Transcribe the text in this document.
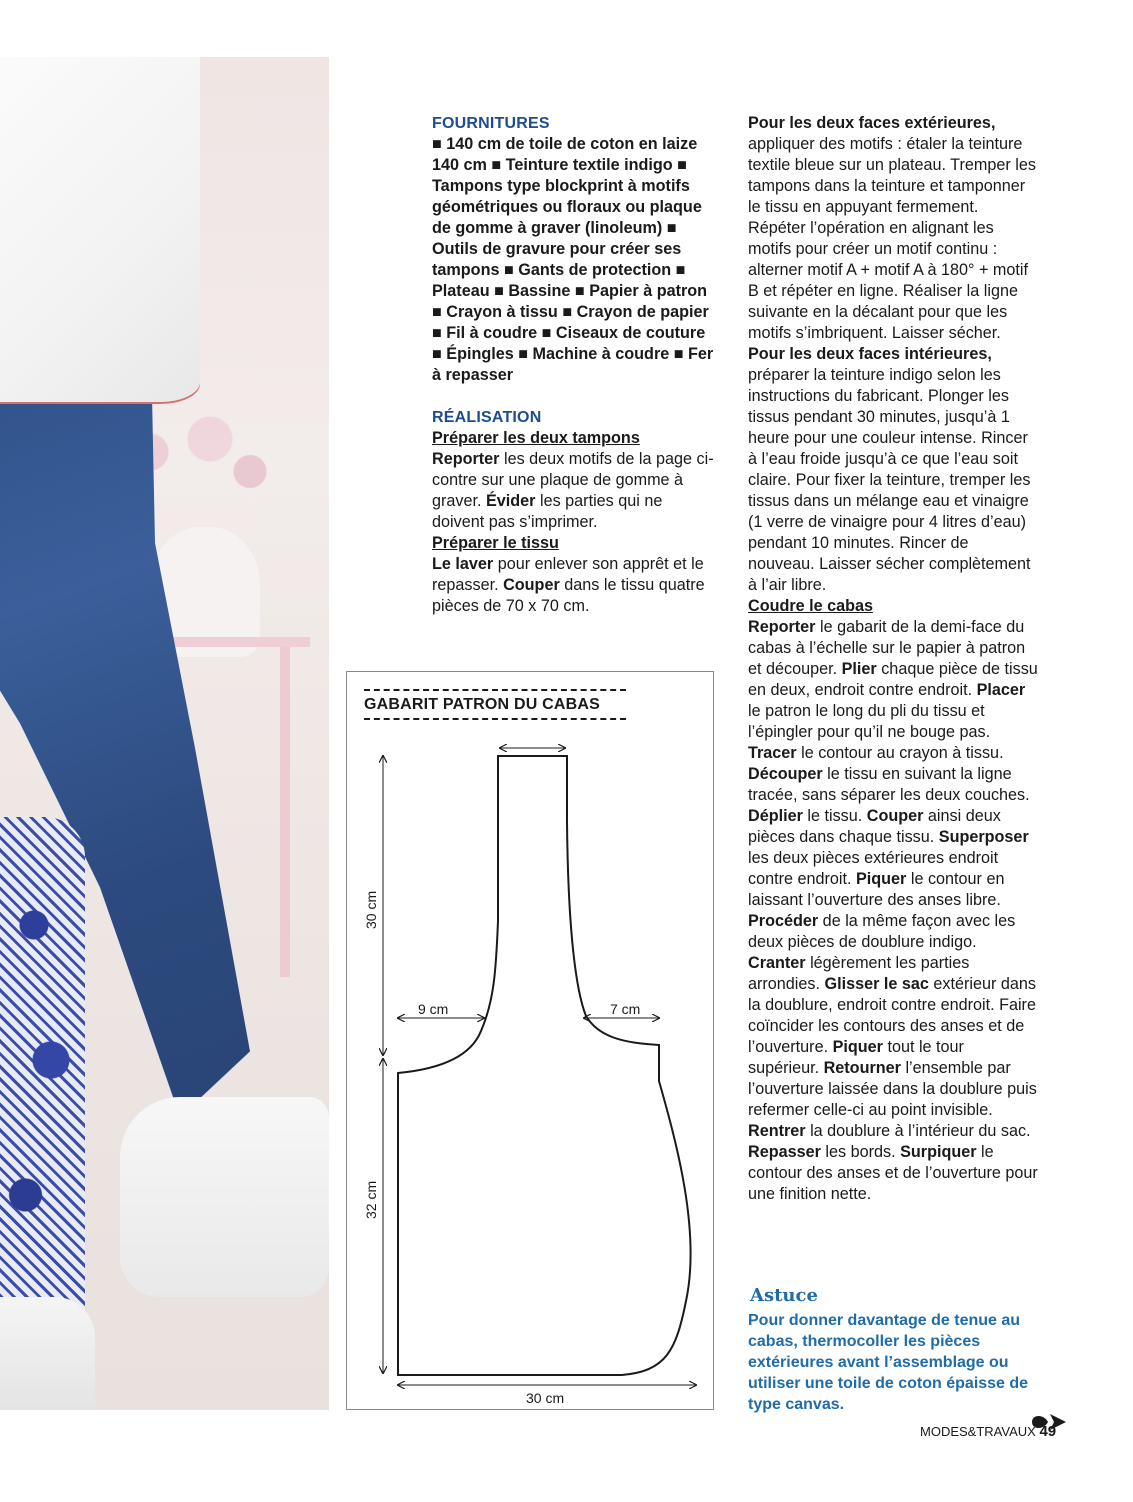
FOURNITURES

■ 140 cm de toile de coton en laize 140 cm ■ Teinture textile indigo ■ Tampons type blockprint à motifs géométriques ou floraux ou plaque de gomme à graver (linoleum) ■ Outils de gravure pour créer ses tampons ■ Gants de protection ■ Plateau ■ Bassine ■ Papier à patron ■ Crayon à tissu ■ Crayon de papier ■ Fil à coudre ■ Ciseaux de couture ■ Épingles ■ Machine à coudre ■ Fer à repasser

RÉALISATION

Préparer les deux tampons

Reporter les deux motifs de la page ci-contre sur une plaque de gomme à graver. Évider les parties qui ne doivent pas s’imprimer.

Préparer le tissu

Le laver pour enlever son apprêt et le repasser. Couper dans le tissu quatre pièces de 70 x 70 cm.

Pour les deux faces extérieures, appliquer des motifs : étaler la teinture textile bleue sur un plateau. Tremper les tampons dans la teinture et tamponner le tissu en appuyant fermement. Répéter l’opération en alignant les motifs pour créer un motif continu : alterner motif A + motif A à 180° + motif B et répéter en ligne. Réaliser la ligne suivante en la décalant pour que les motifs s’imbriquent. Laisser sécher.

Pour les deux faces intérieures, préparer la teinture indigo selon les instructions du fabricant. Plonger les tissus pendant 30 minutes, jusqu’à 1 heure pour une couleur intense. Rincer à l’eau froide jusqu’à ce que l’eau soit claire. Pour fixer la teinture, tremper les tissus dans un mélange eau et vinaigre (1 verre de vinaigre pour 4 litres d’eau) pendant 10 minutes. Rincer de nouveau. Laisser sécher complètement à l’air libre.

Coudre le cabas

Reporter le gabarit de la demi-face du cabas à l’échelle sur le papier à patron et découper. Plier chaque pièce de tissu en deux, endroit contre endroit. Placer le patron le long du pli du tissu et l’épingler pour qu’il ne bouge pas. Tracer le contour au crayon à tissu. Découper le tissu en suivant la ligne tracée, sans séparer les deux couches. Déplier le tissu. Couper ainsi deux pièces dans chaque tissu. Superposer les deux pièces extérieures endroit contre endroit. Piquer le contour en laissant l’ouverture des anses libre. Procéder de la même façon avec les deux pièces de doublure indigo. Cranter légèrement les parties arrondies. Glisser le sac extérieur dans la doublure, endroit contre endroit. Faire coïncider les contours des anses et de l’ouverture. Piquer tout le tour supérieur. Retourner l’ensemble par l’ouverture laissée dans la doublure puis refermer celle-ci au point invisible. Rentrer la doublure à l’intérieur du sac. Repasser les bords. Surpiquer le contour des anses et de l’ouverture pour une finition nette.

GABARIT PATRON DU CABAS
30 cm
32 cm
9 cm	7 cm
30 cm
Astuce
Pour donner davantage de tenue au cabas, thermocoller les pièces extérieures avant l’assemblage ou utiliser une toile de coton épaisse de type canvas.
MODES&TRAVAUX 49
